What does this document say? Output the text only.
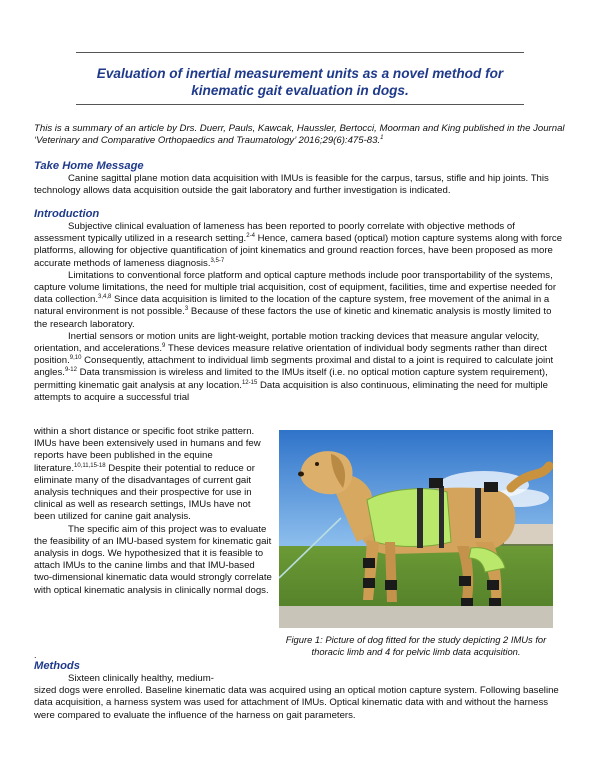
Evaluation of inertial measurement units as a novel method for
kinematic gait evaluation in dogs.
This is a summary of an article by Drs. Duerr, Pauls, Kawcak, Haussler, Bertocci, Moorman and King published in the Journal ‘Veterinary and Comparative Orthopaedics and Traumatology’ 2016;29(6):475-83.$^1$
Take Home Message

Canine sagittal plane motion data acquisition with IMUs is feasible for the carpus, tarsus, stifle and hip joints. This technology allows data acquisition outside the gait laboratory and further investigation is indicated.

Introduction

Subjective clinical evaluation of lameness has been reported to poorly correlate with objective methods of assessment typically utilized in a research setting.$^{2-4}$ Hence, camera based (optical) motion capture systems along with force platforms, allowing for objective quantification of joint kinematics and ground reaction forces, have been proposed as more accurate methods of lameness diagnosis.$^{3,5-7}$

Limitations to conventional force platform and optical capture methods include poor transportability of the systems, capture volume limitations, the need for multiple trial acquisition, cost of equipment, facilities, time and expertise needed for data collection.$^{3,4,8}$ Since data acquisition is limited to the location of the capture system, free movement of the animal in a natural environment is not possible.$^3$ Because of these factors the use of kinetic and kinematic analysis is mostly limited to the research laboratory.

Inertial sensors or motion units are light-weight, portable motion tracking devices that measure angular velocity, orientation, and accelerations.$^9$ These devices measure relative orientation of individual body segments rather than direct position.$^{9,10}$ Consequently, attachment to individual limb segments proximal and distal to a joint is required to calculate joint angles.$^{9-12}$ Data transmission is wireless and limited to the IMUs itself (i.e. no optical motion capture system requirement), permitting kinematic gait analysis at any location.$^{12-15}$ Data acquisition is also continuous, eliminating the need for multiple attempts to acquire a successful trial

within a short distance or specific foot strike pattern. IMUs have been extensively used in humans and few reports have been published in the equine literature.$^{10,11,15-18}$ Despite their potential to reduce or eliminate many of the disadvantages of current gait analysis techniques and their prospective for use in clinical as well as research settings, IMUs have not been utilized for canine gait analysis.

The specific aim of this project was to evaluate the feasibility of an IMU-based system for kinematic gait analysis in dogs. We hypothesized that it is feasible to attach IMUs to the canine limbs and that IMU-based two-dimensional kinematic data would strongly correlate with optical kinematic analysis in clinically normal dogs.

.
Figure 1: Picture of dog fitted for the study depicting 2 IMUs for thoracic limb and 4 for pelvic limb data acquisition.
Methods

Sixteen clinically healthy, medium-

sized dogs were enrolled. Baseline kinematic data was acquired using an optical motion capture system. Following baseline data acquisition, a harness system was used for attachment of IMUs. Optical kinematic data with and without the harness were compared to evaluate the influence of the harness on gait parameters.
